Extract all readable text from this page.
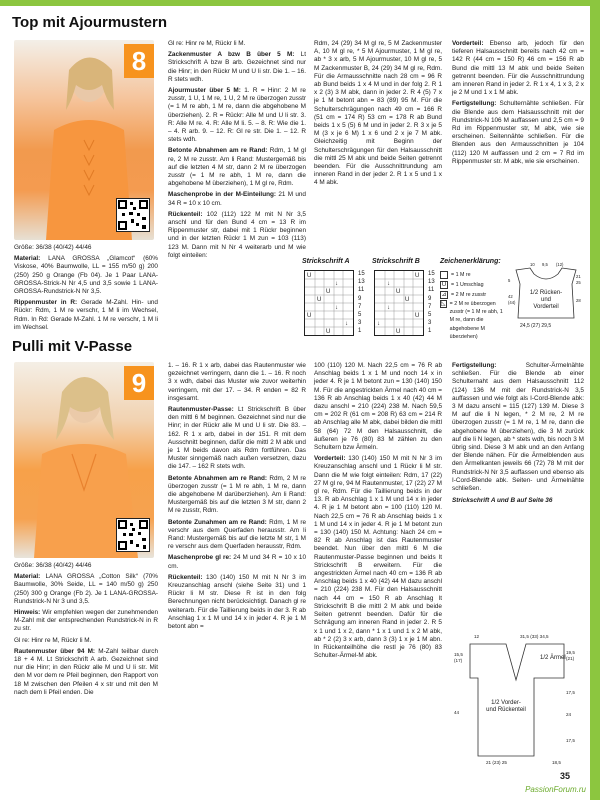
Top mit Ajourmustern
8

Größe: 36/38 (40/42) 44/46

Material: LANA GROSSA „Glamcot“ (60% Viskose, 40% Baumwolle, LL = 155 m/50 g) 200 (250) 250 g Orange (Fb 04). Je 1 Paar LANA-GROSSA-Strick-N Nr 4,5 und 3,5 sowie 1 LANA-GROSSA-Rundstrick-N Nr 3,5.

Rippenmuster in R: Gerade M-Zahl. Hin- und Rückr: Rdm, 1 M re verschr, 1 M li im Wechsel, Rdm. In Rd: Gerade M-Zahl. 1 M re verschr, 1 M li im Wechsel.

Gl re: Hinr re M, Rückr li M.

Zackenmuster A bzw B über 5 M: Lt Strickschrift A bzw B arb. Gezeichnet sind nur die Hinr; in den Rückr M und U li str. Die 1. – 16. R stets wdh.

Ajourmuster über 5 M: 1. R = Hinr: 2 M re zusstr, 1 U, 1 M re, 1 U, 2 M re überzogen zusstr (= 1 M re abh, 1 M re, dann die abgehobene M überziehen). 2. R = Rückr: Alle M und U li str. 3. R: Alle M re. 4. R: Alle M li. 5. – 8. R: Wie die 1. – 4. R arb. 9. – 12. R: Gl re str. Die 1. – 12. R stets wdh.

Betonte Abnahmen am re Rand: Rdm, 1 M gl re, 2 M re zusstr. Am li Rand: Mustergemäß bis auf die letzten 4 M str, dann 2 M re überzogen zusstr (= 1 M re abh, 1 M re, dann die abgehobene M überziehen), 1 M gl re, Rdm.

Maschenprobe in der M-Einteilung: 21 M und 34 R = 10 x 10 cm.

Rückenteil: 102 (112) 122 M mit N Nr 3,5 anschl und für den Bund 4 cm = 13 R im Rippenmuster str, dabei mit 1 Rückr beginnen und in der letzten Rückr 1 M zun = 103 (113) 123 M. Dann mit N Nr 4 weiterarb und M wie folgt einteilen:

Rdm, 24 (29) 34 M gl re, 5 M Zackenmuster A, 10 M gl re, * 5 M Ajourmuster, 1 M gl re, ab * 3 x arb, 5 M Ajourmuster, 10 M gl re, 5 M Zackenmuster B, 24 (29) 34 M gl re, Rdm. Für die Armausschnitte nach 28 cm = 96 R ab Bund beids 1 x 4 M und in der folg 2. R 1 x 2 (3) 3 M abk, dann in jeder 2. R 4 (5) 7 x je 1 M betont abn = 83 (89) 95 M. Für die Schulterschrägungen nach 49 cm = 166 R (51 cm = 174 R) 53 cm = 178 R ab Bund beids 1 x 5 (5) 6 M und in jeder 2. R 3 x je 5 M (3 x je 6 M) 1 x 6 und 2 x je 7 M abk. Gleichzeitig mit Beginn der Schulterschrägungen für den Halsausschnitt die mittl 25 M abk und beide Seiten getrennt beenden. Für die Ausschnittrundung am inneren Rand in der jeder 2. R 1 x 5 und 1 x 4 M abk.

Vorderteil: Ebenso arb, jedoch für den tieferen Halsausschnitt bereits nach 42 cm = 142 R (44 cm = 150 R) 46 cm = 156 R ab Bund die mittl 13 M abk und beide Seiten getrennt beenden. Für die Ausschnittrundung am inneren Rand in jeder 2. R 1 x 4, 1 x 3, 2 x je 2 M und 1 x 1 M abk.

Fertigstellung: Schulternähte schließen. Für die Blende aus dem Halsausschnitt mit der Rundstrick-N 106 M auffassen und 2,5 cm = 9 Rd im Rippenmuster str, M abk, wie sie erscheinen. Seitennähte schließen. Für die Blenden aus den Armausschnitten je 104 (112) 120 M auffassen und 2 cm = 7 Rd im Rippenmuster str. M abk, wie sie erscheinen.

Strickschrift A
U
↓
U
U
↓
U
↓
U
15
13
11
9
7
5
3
1
Strickschrift B
U
↓
U
U
↓
U
↓
U
15
13
11
9
7
5
3
1
Zeichenerklärung:
= 1 M re
U = 1 Umschlag
⊿ = 2 M re zusstr
◺ = 2 M re überzogen zusstr (= 1 M re abh, 1 M re, dann die abgehobene M überziehen)
10 9,5 (12)
5
21
25
42
(44)	28
1/2 Rücken- und Vorderteil
24,5 (27) 29,5
Pulli mit V-Passe
9

Größe: 36/38 (40/42) 44/46

Material: LANA GROSSA „Cotton Silk“ (70% Baumwolle, 30% Seide, LL = 140 m/50 g) 250 (250) 300 g Orange (Fb 2). Je 1 LANA-GROSSA-Rundstrick-N Nr 3 und 3,5.

Hinweis: Wir empfehlen wegen der zunehmenden M-Zahl mit der entsprechenden Rundstrick-N in R zu str.

Gl re: Hinr re M, Rückr li M.

Rautenmuster über 94 M: M-Zahl teilbar durch 18 + 4 M. Lt Strickschrift A arb. Gezeichnet sind nur die Hinr; in den Rückr alle M und U li str. Mit den M vor dem re Pfeil beginnen, den Rapport von 18 M zwischen den Pfeilen 4 x str und mit den M nach dem li Pfeil enden. Die

1. – 16. R 1 x arb, dabei das Rautenmuster wie gezeichnet verringern, dann die 1. – 16. R noch 3 x wdh, dabei das Muster wie zuvor weiterhin verringern, mit der 17. – 34. R enden = 82 R insgesamt.

Rautenmuster-Passe: Lt Strickschrift B über den mittl 6 M beginnen. Gezeichnet sind nur die Hinr; in der Rückr alle M und U li str. Die 83. – 162. R 1 x arb, dabei in der 151. R mit dem Ausschnitt beginnen, dafür die mittl 2 M abk und je 1 M beids davon als Rdm fortführen. Das Muster sinngemäß nach außen versetzen, dazu die 147. – 162 R stets wdh.

Betonte Abnahmen am re Rand: Rdm, 2 M re überzogen zusstr (= 1 M re abh, 1 M re, dann die abgehobene M darüberziehen). Am li Rand: Mustergemäß bis auf die letzten 3 M str, dann 2 M re zusstr, Rdm.

Betonte Zunahmen am re Rand: Rdm, 1 M re verschr aus dem Querfaden herausstr. Am li Rand: Mustergemäß bis auf die letzte M str, 1 M re verschr aus dem Querfaden herausstr, Rdm.

Maschenprobe gl re: 24 M und 34 R = 10 x 10 cm.

Rückenteil: 130 (140) 150 M mit N Nr 3 im Kreuzanschlag anschl (siehe Seite 31) und 1 Rückr li M str. Diese R ist in den folg Berechnungen nicht berücksichtigt. Danach gl re weiterarb. Für die Taillierung beids in der 3. R ab Anschlag 1 x 1 M und 14 x in jeder 4. R je 1 M betont abn =

100 (110) 120 M. Nach 22,5 cm = 76 R ab Anschlag beids 1 x 1 M und noch 14 x in jeder 4. R je 1 M betont zun = 130 (140) 150 M. Für die angestrickten Ärmel nach 40 cm = 136 R ab Anschlag beids 1 x 40 (42) 44 M dazu anschl = 210 (224) 238 M. Nach 59,5 cm = 202 R (61 cm = 208 R) 63 cm = 214 R ab Anschlag alle M abk, dabei bilden die mittl 58 (64) 72 M den Halsausschnitt, die äußeren je 76 (80) 83 M zählen zu den Schultern bzw Ärmeln.

Vorderteil: 130 (140) 150 M mit N Nr 3 im Kreuzanschlag anschl und 1 Rückr li M str. Dann die M wie folgt einteilen: Rdm, 17 (22) 27 M gl re, 94 M Rautenmuster, 17 (22) 27 M gl re, Rdm. Für die Taillierung beids in der 13. R ab Anschlag 1 x 1 M und 14 x in jeder 4. R je 1 M betont abn = 100 (110) 120 M. Nach 22,5 cm = 76 R ab Anschlag beids 1 x 1 M und 14 x in jeder 4. R je 1 M betont zun = 130 (140) 150 M. Achtung: Nach 24 cm = 82 R ab Anschlag ist das Rautenmuster beendet. Nun über den mittl 6 M die Rautenmuster-Passe beginnen und beids lt Strickschrift B erweitern. Für die angestrickten Ärmel nach 40 cm = 136 R ab Anschlag beids 1 x 40 (42) 44 M dazu anschl = 210 (224) 238 M. Für den Halsausschnitt nach 44 cm = 150 R ab Anschlag lt Strickschrift B die mittl 2 M abk und beide Seiten getrennt beenden. Dafür für die Schrägung am inneren Rand in jeder 2. R 5 x 1 und 1 x 2, dann * 1 x 1 und 1 x 2 M abk, ab * 2 (2) 3 x arb, dann 3 (3) 1 x je 1 M abn. In Rückenteilhöhe die restl je 76 (80) 83 Schulter-Ärmel-M abk.

Fertigstellung:	Schulter-Ärmelnähte schließen. Für die Blende ab einer Schulternaht aus dem Halsausschnitt 112 (124) 136 M mit der Rundstrick-N 3,5 auffassen und wie folgt als I-Cord-Blende abk: 3 M dazu anschl = 115 (127) 139 M. Diese 3 M auf die li N legen, * 2 M re, 2 M re überzogen zusstr (= 1 M re, 1 M re, dann die abgehobene M überziehen), die 3 M zurück auf die li N legen, ab * stets wdh, bis noch 3 M übrig sind. Diese 3 M abk und an den Anfang der Blende nähen. Für die Ärmelblenden aus den Ärmelkanten jeweils 66 (72) 78 M mit der Rundstrick-N Nr 3,5 auffassen und ebenso als I-Cord-Blende abk. Seiten- und Ärmelnähte schließen.

Strickschrift A und B auf Seite 36

12	31,5 (33) 34,5
15,5
(17)
19,5
(21)
44
17,5
24
17,5
21 (23) 25	18,5
1/2 Ärmel
1/2 Vorder- und Rückenteil
35
PassionForum.ru
